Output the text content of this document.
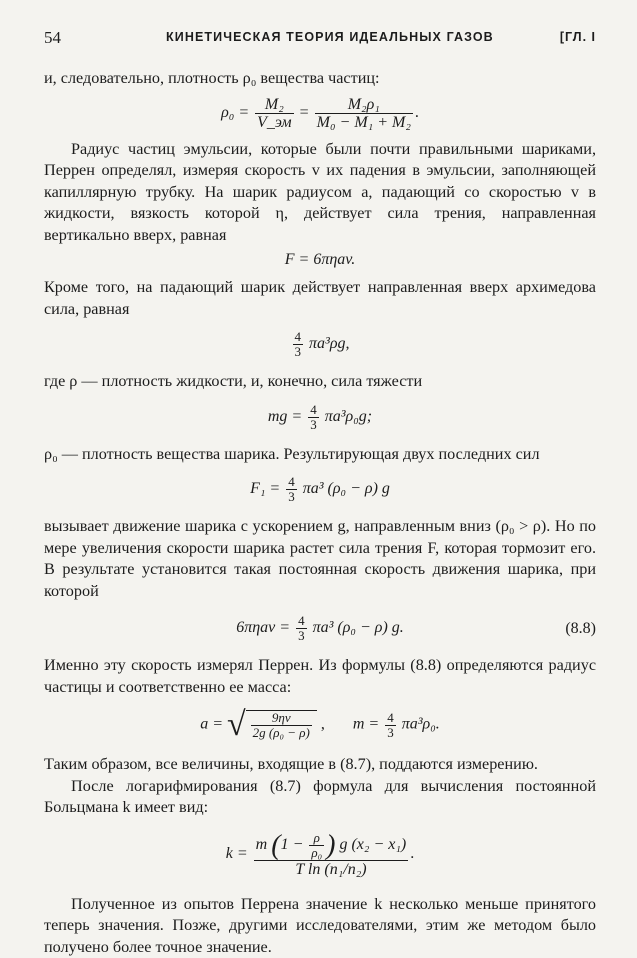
54	КИНЕТИЧЕСКАЯ ТЕОРИЯ ИДЕАЛЬНЫХ ГАЗОВ	[ГЛ. I

и, следовательно, плотность ρ₀ вещества частиц:

$\rho_0 = \frac{\text{M₂}}{V\_эм} = \frac{\text{M₂ρ₁}}{\text{M₀ − M₁ + M₂}}$ .

Радиус частиц эмульсии, которые были почти правильными шариками, Перрен определял, измеряя скорость v их падения в эмульсии, заполняющей капиллярную трубку. На шарик радиусом a, падающий со скоростью v в жидкости, вязкость которой η, действует сила трения, направленная вертикально вверх, равная

F = 6πηav.

Кроме того, на падающий шарик действует направленная вверх архимедова сила, равная

$\frac{4}{3} \pi a^3\rho g$,

где ρ — плотность жидкости, и, конечно, сила тяжести

mg = $\frac{4}{3} \pi a^3\rho_0g$;

ρ₀ — плотность вещества шарика. Результирующая двух последних сил

$F_1 = \frac{4}{3} \pi a^3$ (ρ₀ − ρ) g

вызывает движение шарика с ускорением g, направленным вниз (ρ₀ > ρ). Но по мере увеличения скорости шарика растет сила трения F, которая тормозит его. В результате установится такая постоянная скорость движения шарика, при которой

$6\pi\eta av = \frac{4}{3} \pi a^3$ (ρ₀ − ρ) g.	(8.8)

Именно эту скорость измерял Перрен. Из формулы (8.8) определяются радиус частицы и соответственно ее масса:

a = √ $\frac{9\eta v}{\text{2g (ρ₀ − ρ)}}$ ,       $m = \frac{4}{3} \pi a^3\rho_0$.

Таким образом, все величины, входящие в (8.7), поддаются измерению.

После логарифмирования (8.7) формула для вычисления постоянной Больцмана k имеет вид:

$k = \frac{m (1 - \frac{\rho}{\text{ρ₀}} ) g (x_2 - x_1)}{\text{T ln (n₁/n₂)}}$ .

Полученное из опытов Перрена значение k несколько меньше принятого теперь значения. Позже, другими исследователями, этим же методом было получено более точное значение.
